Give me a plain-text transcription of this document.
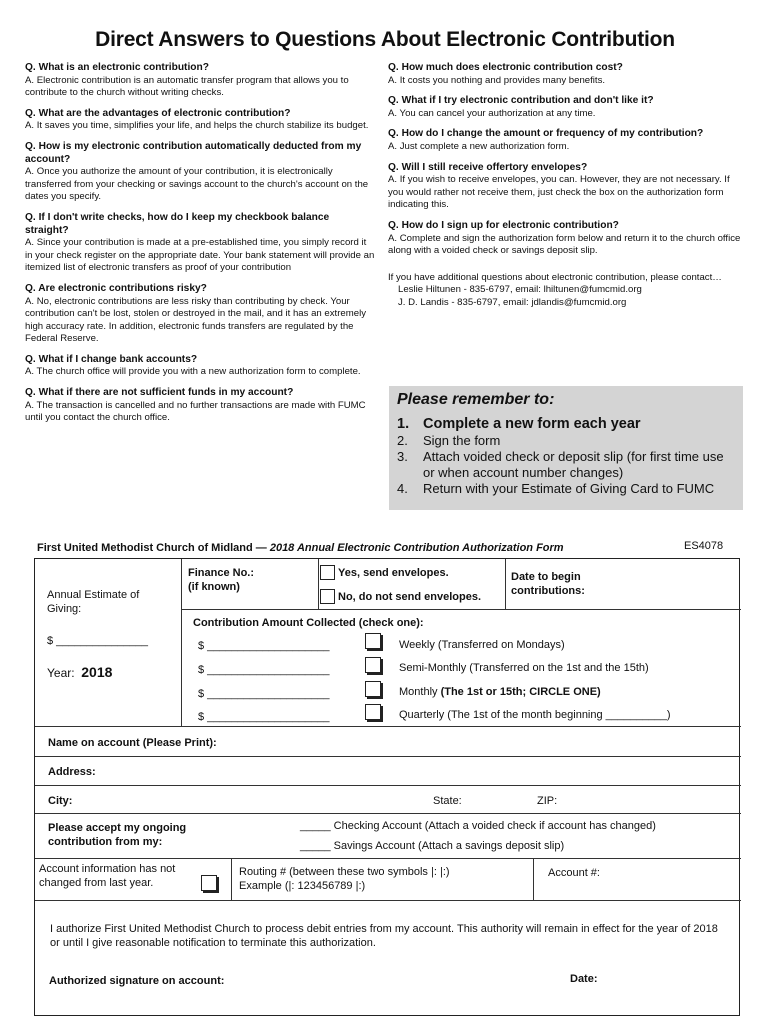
Direct Answers to Questions About Electronic Contribution
Q. What is an electronic contribution?
A. Electronic contribution is an automatic transfer program that allows you to contribute to the church without writing checks.
Q. What are the advantages of electronic contribution?
A. It saves you time, simplifies your life, and helps the church stabilize its budget.
Q. How is my electronic contribution automatically deducted from my account?
A. Once you authorize the amount of your contribution, it is electronically transferred from your checking or savings account to the church's account on the dates you specify.
Q. If I don't write checks, how do I keep my checkbook balance straight?
A. Since your contribution is made at a pre-established time, you simply record it in your check register on the appropriate date. Your bank statement will provide an itemized list of electronic transfers as proof of your contribution
Q. Are electronic contributions risky?
A. No, electronic contributions are less risky than contributing by check. Your contribution can't be lost, stolen or destroyed in the mail, and it has an extremely high accuracy rate. In addition, electronic funds transfers are regulated by the Federal Reserve.
Q. What if I change bank accounts?
A. The church office will provide you with a new authorization form to complete.
Q. What if there are not sufficient funds in my account?
A. The transaction is cancelled and no further transactions are made with FUMC until you contact the church office.
Q. How much does electronic contribution cost?
A. It costs you nothing and provides many benefits.
Q. What if I try electronic contribution and don't like it?
A. You can cancel your authorization at any time.
Q. How do I change the amount or frequency of my contribution?
A. Just complete a new authorization form.
Q. Will I still receive offertory envelopes?
A. If you wish to receive envelopes, you can. However, they are not necessary. If you would rather not receive them, just check the box on the authorization form indicating this.
Q. How do I sign up for electronic contribution?
A. Complete and sign the authorization form below and return it to the church office along with a voided check or savings deposit slip.
If you have additional questions about electronic contribution, please contact…
Leslie Hiltunen - 835-6797, email: lhiltunen@fumcmid.org
J. D. Landis - 835-6797, email: jdlandis@fumcmid.org
Please remember to:
1. Complete a new form each year
2.	Sign the form
3.	Attach voided check or deposit slip (for first time use or when account number changes)
4.	Return with your Estimate of Giving Card to FUMC
First United Methodist Church of Midland — 2018 Annual Electronic Contribution Authorization Form	ES4078
Annual Estimate of Giving:
$ _______________
Year: 2018
Finance No.:
(if known)
Yes, send envelopes.
No, do not send envelopes.
Date to begin contributions:
Contribution Amount Collected (check one):
$ ____________________	Weekly (Transferred on Mondays)
$ ____________________	Semi-Monthly (Transferred on the 1st and the 15th)
$ ____________________	Monthly (The 1st or 15th; CIRCLE ONE)
$ ____________________	Quarterly (The 1st of the month beginning __________)
Name on account (Please Print):
Address:
City:	State:	ZIP:
Please accept my ongoing contribution from my:
_____ Checking Account (Attach a voided check if account has changed)
_____ Savings Account (Attach a savings deposit slip)
Account information has not changed from last year.
Routing # (between these two symbols |: |:)
Example (|: 123456789 |:)
Account #:
I authorize First United Methodist Church to process debit entries from my account. This authority will remain in effect for the year of 2018 or until I give reasonable notification to terminate this authorization.
Authorized signature on account:	Date:
